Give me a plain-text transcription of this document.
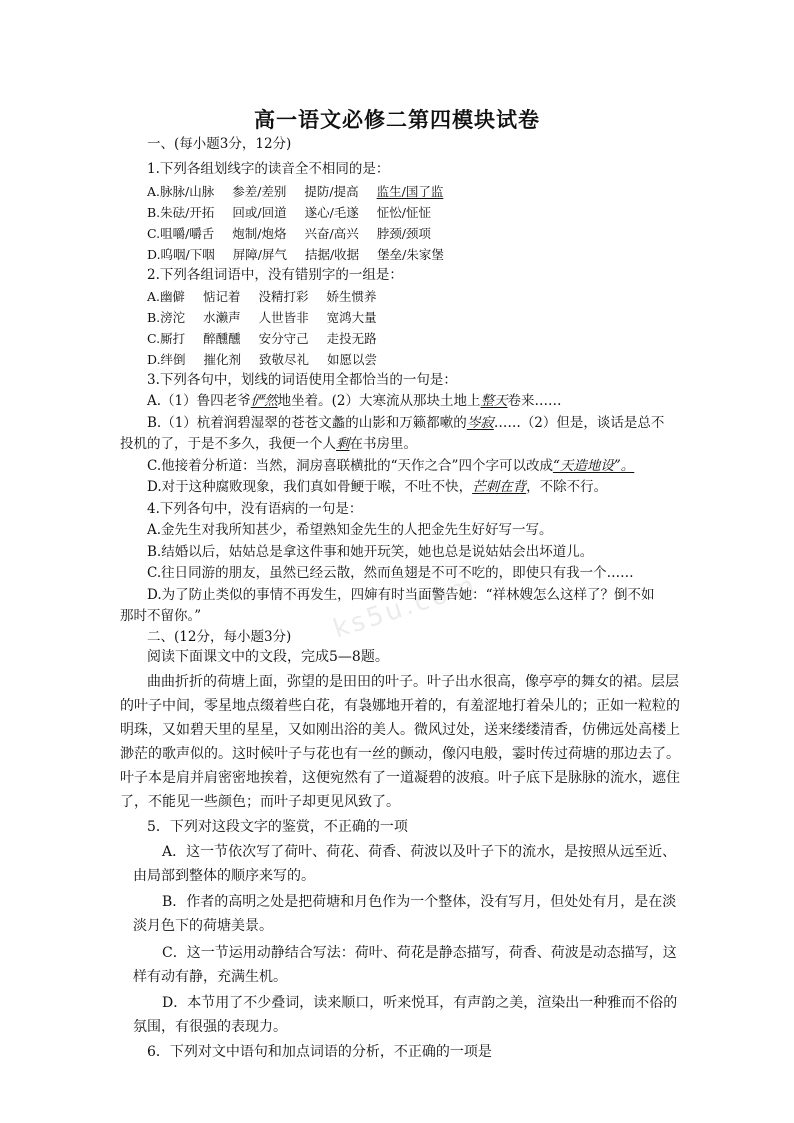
高一语文必修二第四模块试卷
ks5u.com
一、(每小题3分，12分)
1.下列各组划线字的读音全不相同的是：
A.脉脉/山脉 参差/差别 提防/提高 监生/国了监
B.朱砝/开拓 回或/回道 遂心/毛遂 怔忪/怔怔
C.咀嚼/嚼舌 炮制/炮烙 兴奋/高兴 脖颈/颈项
D.呜咽/下咽 屏障/屏气 拮据/收据 堡垒/朱家堡
2.下列各组词语中，没有错别字的一组是：
A.幽僻 惦记着 没精打彩 娇生惯养
B.滂沱 水濑声 人世皆非 宽鸿大量
C.厮打 醉醺醺 安分守己 走投无路
D.绊倒 摧化剂 致敬尽礼 如愿以尝
3.下列各句中，划线的词语使用全都恰当的一句是：
A.（1）鲁四老爷俨然地坐着。(2）大寒流从那块土地上整天卷来……
B.（1）杭着润碧湿翠的苍苍文蠡的山影和万籁都嗽的岑寂……（2）但是，谈话是总不
投机的了，于是不多久，我便一个人剩在书房里。
C.他接着分析道：当然，洞房喜联横批的“天作之合”四个字可以改成“天造地设”。
D.对于这种腐败现象，我们真如骨鲠于喉，不吐不快，芒刺在背，不除不行。
4.下列各句中，没有语病的一句是：
A.金先生对我所知甚少，希望熟知金先生的人把金先生好好写一写。
B.结婚以后，姑姑总是拿这件事和她开玩笑，她也总是说姑姑会出坏道儿。
C.往日同游的朋友，虽然已经云散，然而鱼翅是不可不吃的，即使只有我一个……
D.为了防止类似的事情不再发生，四婶有时当面警告她：“祥林嫂怎么这样了？倒不如
那时不留你。”
二、(12分，每小题3分)
阅读下面课文中的文段，完成5—8题。
曲曲折折的荷塘上面，弥望的是田田的叶子。叶子出水很高，像亭亭的舞女的裙。层层
的叶子中间，零星地点缀着些白花，有袅娜地开着的，有羞涩地打着朵儿的；正如一粒粒的
明珠，又如碧天里的星星，又如刚出浴的美人。微风过处，送来缕缕清香，仿佛远处高楼上
渺茫的歌声似的。这时候叶子与花也有一丝的颤动，像闪电般，霎时传过荷塘的那边去了。
叶子本是肩并肩密密地挨着，这便宛然有了一道凝碧的波痕。叶子底下是脉脉的流水，遮住
了，不能见一些颜色；而叶子却更见风致了。
5．下列对这段文字的鉴赏，不正确的一项
A．这一节依次写了荷叶、荷花、荷香、荷波以及叶子下的流水，是按照从远至近、
由局部到整体的顺序来写的。
B．作者的高明之处是把荷塘和月色作为一个整体，没有写月，但处处有月，是在淡
淡月色下的荷塘美景。
C．这一节运用动静结合写法：荷叶、荷花是静态描写，荷香、荷波是动态描写，这
样有动有静，充满生机。
D．本节用了不少叠词，读来顺口，听来悦耳，有声韵之美，渲染出一种雅而不俗的
氛围，有很强的表现力。
6．下列对文中语句和加点词语的分析，不正确的一项是
